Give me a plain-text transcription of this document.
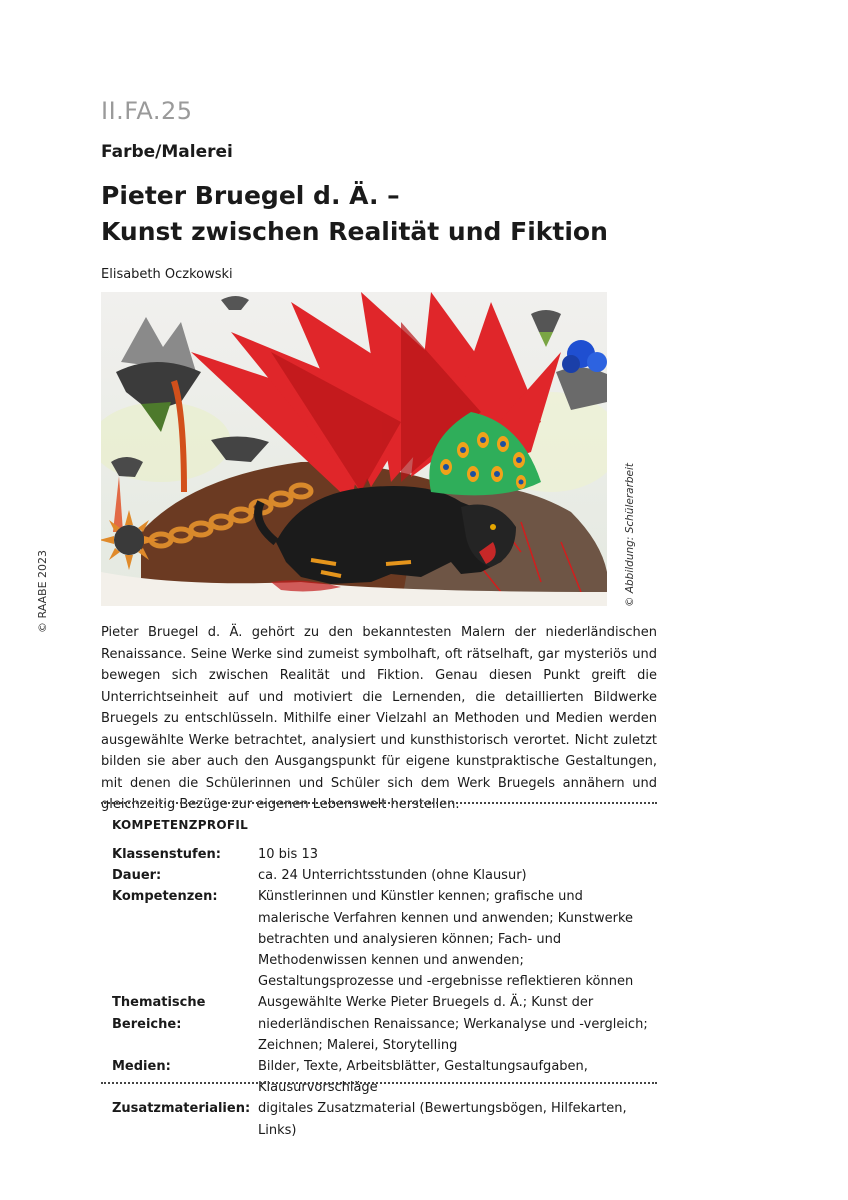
II.FA.25
Farbe/Malerei
Pieter Bruegel d. Ä. –
Kunst zwischen Realität und Fiktion
Elisabeth Oczkowski
© Abbildung: Schülerarbeit
© RAABE 2023	Pieter Bruegel d. Ä. gehört zu den bekanntesten Malern der niederländischen Renaissance. Seine Werke sind zumeist symbolhaft, oft rätselhaft, gar mysteriös und bewegen sich zwischen Realität und Fiktion. Genau diesen Punkt greift die Unterrichtseinheit auf und motiviert die Lernenden, die detaillierten Bildwerke Bruegels zu entschlüsseln. Mithilfe einer Vielzahl an Methoden und Medien werden ausgewählte Werke betrachtet, analysiert und kunsthistorisch verortet. Nicht zuletzt bilden sie aber auch den Ausgangspunkt für eigene kunstpraktische Gestaltungen, mit denen die Schülerinnen und Schüler sich dem Werk Bruegels annähern und gleichzeitig Bezüge zur eigenen Lebenswelt herstellen.

KOMPETENZPROFIL
Klassenstufen:	10 bis 13
Dauer:	ca. 24 Unterrichtsstunden (ohne Klausur)
Kompetenzen:	Künstlerinnen und Künstler kennen; grafische und malerische Verfahren kennen und anwenden; Kunstwerke betrachten und analysieren können; Fach- und Methodenwissen kennen und anwenden; Gestaltungsprozesse und -ergebnisse reflektieren können
Thematische Bereiche:
Ausgewählte Werke Pieter Bruegels d. Ä.; Kunst der niederländischen Renaissance; Werkanalyse und -vergleich; Zeichnen; Malerei, Storytelling
Medien:	Bilder, Texte, Arbeitsblätter, Gestaltungsaufgaben, Klausurvorschläge
Zusatzmaterialien: digitales Zusatzmaterial (Bewertungsbögen, Hilfekarten, Links)
